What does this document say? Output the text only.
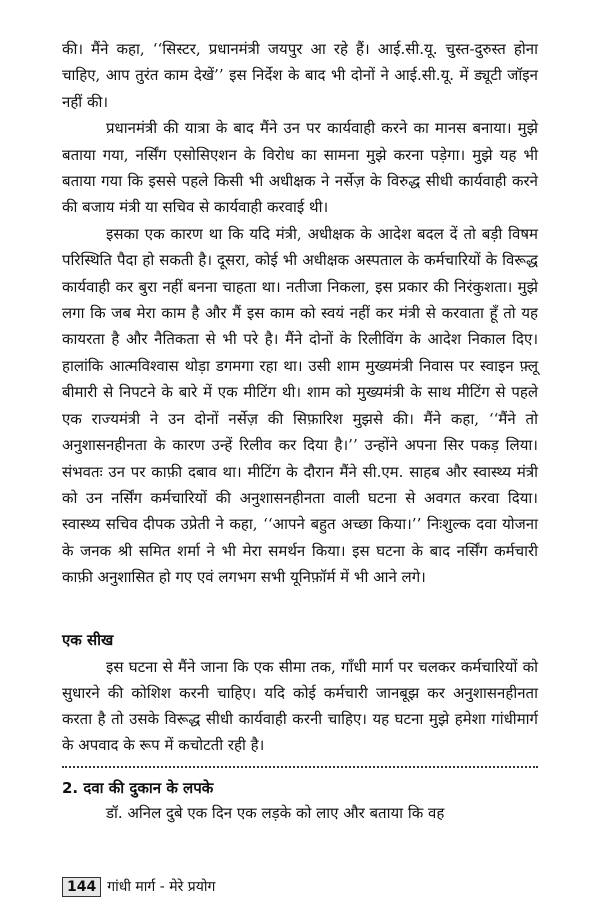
की। मैंने कहा, ‘‘सिस्टर, प्रधानमंत्री जयपुर आ रहे हैं। आई.सी.यू. चुस्त-दुरुस्त होना चाहिए, आप तुरंत काम देखें’’ इस निर्देश के बाद भी दोनों ने आई.सी.यू. में ड्यूटी जॉइन नहीं की।

प्रधानमंत्री की यात्रा के बाद मैंने उन पर कार्यवाही करने का मानस बनाया। मुझे बताया गया, नर्सिंग एसोसिएशन के विरोध का सामना मुझे करना पड़ेगा। मुझे यह भी बताया गया कि इससे पहले किसी भी अधीक्षक ने नर्सेज़ के विरुद्ध सीधी कार्यवाही करने की बजाय मंत्री या सचिव से कार्यवाही करवाई थी।

इसका एक कारण था कि यदि मंत्री, अधीक्षक के आदेश बदल दें तो बड़ी विषम परिस्थिति पैदा हो सकती है। दूसरा, कोई भी अधीक्षक अस्पताल के कर्मचारियों के विरूद्ध कार्यवाही कर बुरा नहीं बनना चाहता था। नतीजा निकला, इस प्रकार की निरंकुशता। मुझे लगा कि जब मेरा काम है और मैं इस काम को स्वयं नहीं कर मंत्री से करवाता हूँ तो यह कायरता है और नैतिकता से भी परे है। मैंने दोनों के रिलीविंग के आदेश निकाल दिए। हालांकि आत्मविश्वास थोड़ा डगमगा रहा था। उसी शाम मुख्यमंत्री निवास पर स्वाइन फ़्लू बीमारी से निपटने के बारे में एक मीटिंग थी। शाम को मुख्यमंत्री के साथ मीटिंग से पहले एक राज्यमंत्री ने उन दोनों नर्सेज़ की सिफ़ारिश मुझसे की। मैंने कहा, ‘‘मैंने तो अनुशासनहीनता के कारण उन्हें रिलीव कर दिया है।’’ उन्होंने अपना सिर पकड़ लिया। संभवतः उन पर काफ़ी दबाव था। मीटिंग के दौरान मैंने सी.एम. साहब और स्वास्थ्य मंत्री को उन नर्सिंग कर्मचारियों की अनुशासनहीनता वाली घटना से अवगत करवा दिया। स्वास्थ्य सचिव दीपक उप्रेती ने कहा, ‘‘आपने बहुत अच्छा किया।’’ निःशुल्क दवा योजना के जनक श्री समित शर्मा ने भी मेरा समर्थन किया। इस घटना के बाद नर्सिंग कर्मचारी काफ़ी अनुशासित हो गए एवं लगभग सभी यूनिफ़ॉर्म में भी आने लगे।

एक सीख
इस घटना से मैंने जाना कि एक सीमा तक, गाँधी मार्ग पर चलकर कर्मचारियों को सुधारने की कोशिश करनी चाहिए। यदि कोई कर्मचारी जानबूझ कर अनुशासनहीनता करता है तो उसके विरूद्ध सीधी कार्यवाही करनी चाहिए। यह घटना मुझे हमेशा गांधीमार्ग के अपवाद के रूप में कचोटती रही है।
2. दवा की दुकान के लपके
डॉ. अनिल दुबे एक दिन एक लड़के को लाए और बताया कि वह
144 गांधी मार्ग - मेरे प्रयोग
